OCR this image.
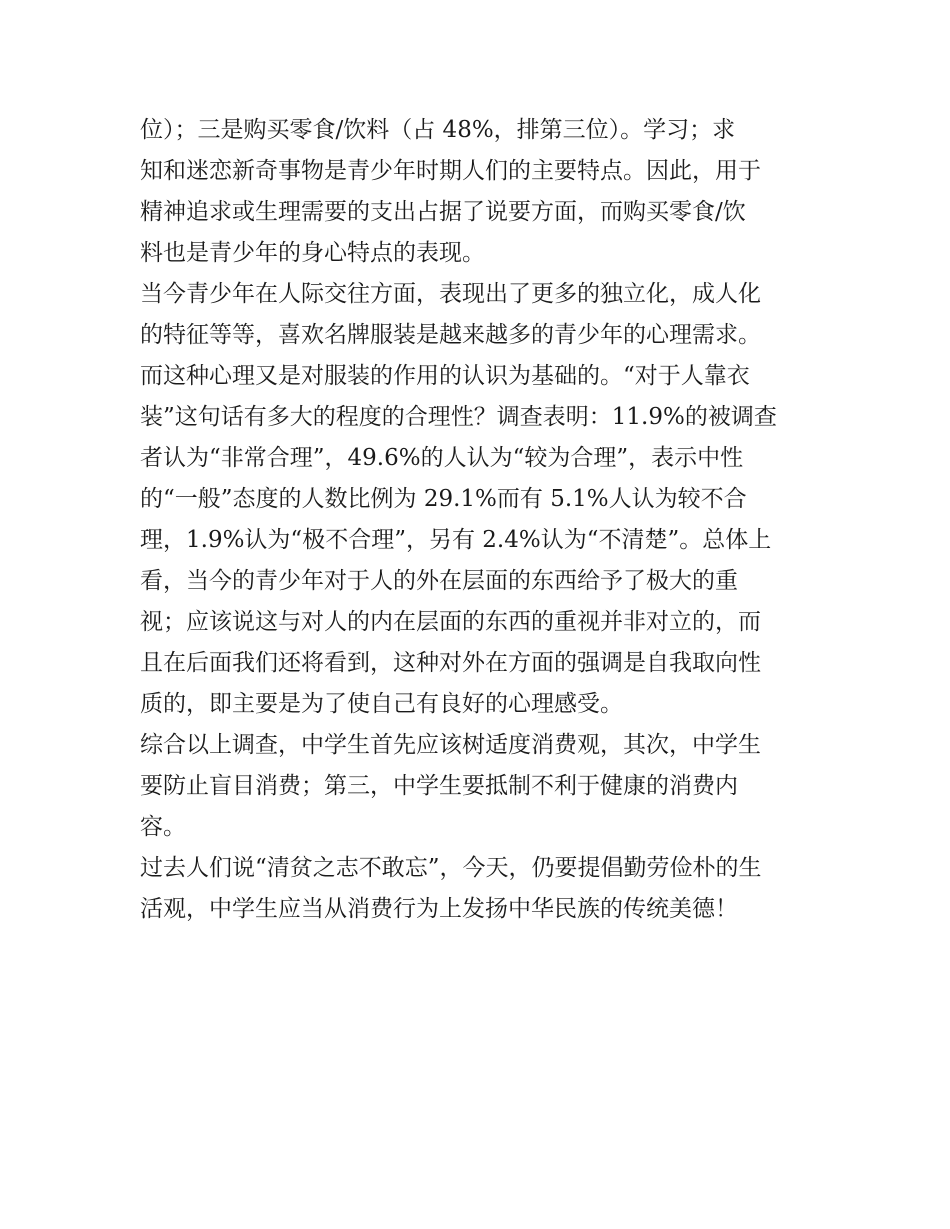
位）；三是购买零食/饮料（占 48%，排第三位）。学习；求
知和迷恋新奇事物是青少年时期人们的主要特点。因此，用于
精神追求或生理需要的支出占据了说要方面，而购买零食/饮
料也是青少年的身心特点的表现。
当今青少年在人际交往方面，表现出了更多的独立化，成人化
的特征等等，喜欢名牌服装是越来越多的青少年的心理需求。
而这种心理又是对服装的作用的认识为基础的。“对于人靠衣
装”这句话有多大的程度的合理性？调查表明：11.9%的被调查
者认为“非常合理”，49.6%的人认为“较为合理”，表示中性
的“一般”态度的人数比例为 29.1%而有 5.1%人认为较不合
理，1.9%认为“极不合理”，另有 2.4%认为“不清楚”。总体上
看，当今的青少年对于人的外在层面的东西给予了极大的重
视；应该说这与对人的内在层面的东西的重视并非对立的，而
且在后面我们还将看到，这种对外在方面的强调是自我取向性
质的，即主要是为了使自己有良好的心理感受。
综合以上调查，中学生首先应该树适度消费观，其次，中学生
要防止盲目消费；第三，中学生要抵制不利于健康的消费内
容。
过去人们说“清贫之志不敢忘”，今天，仍要提倡勤劳俭朴的生
活观，中学生应当从消费行为上发扬中华民族的传统美德！
